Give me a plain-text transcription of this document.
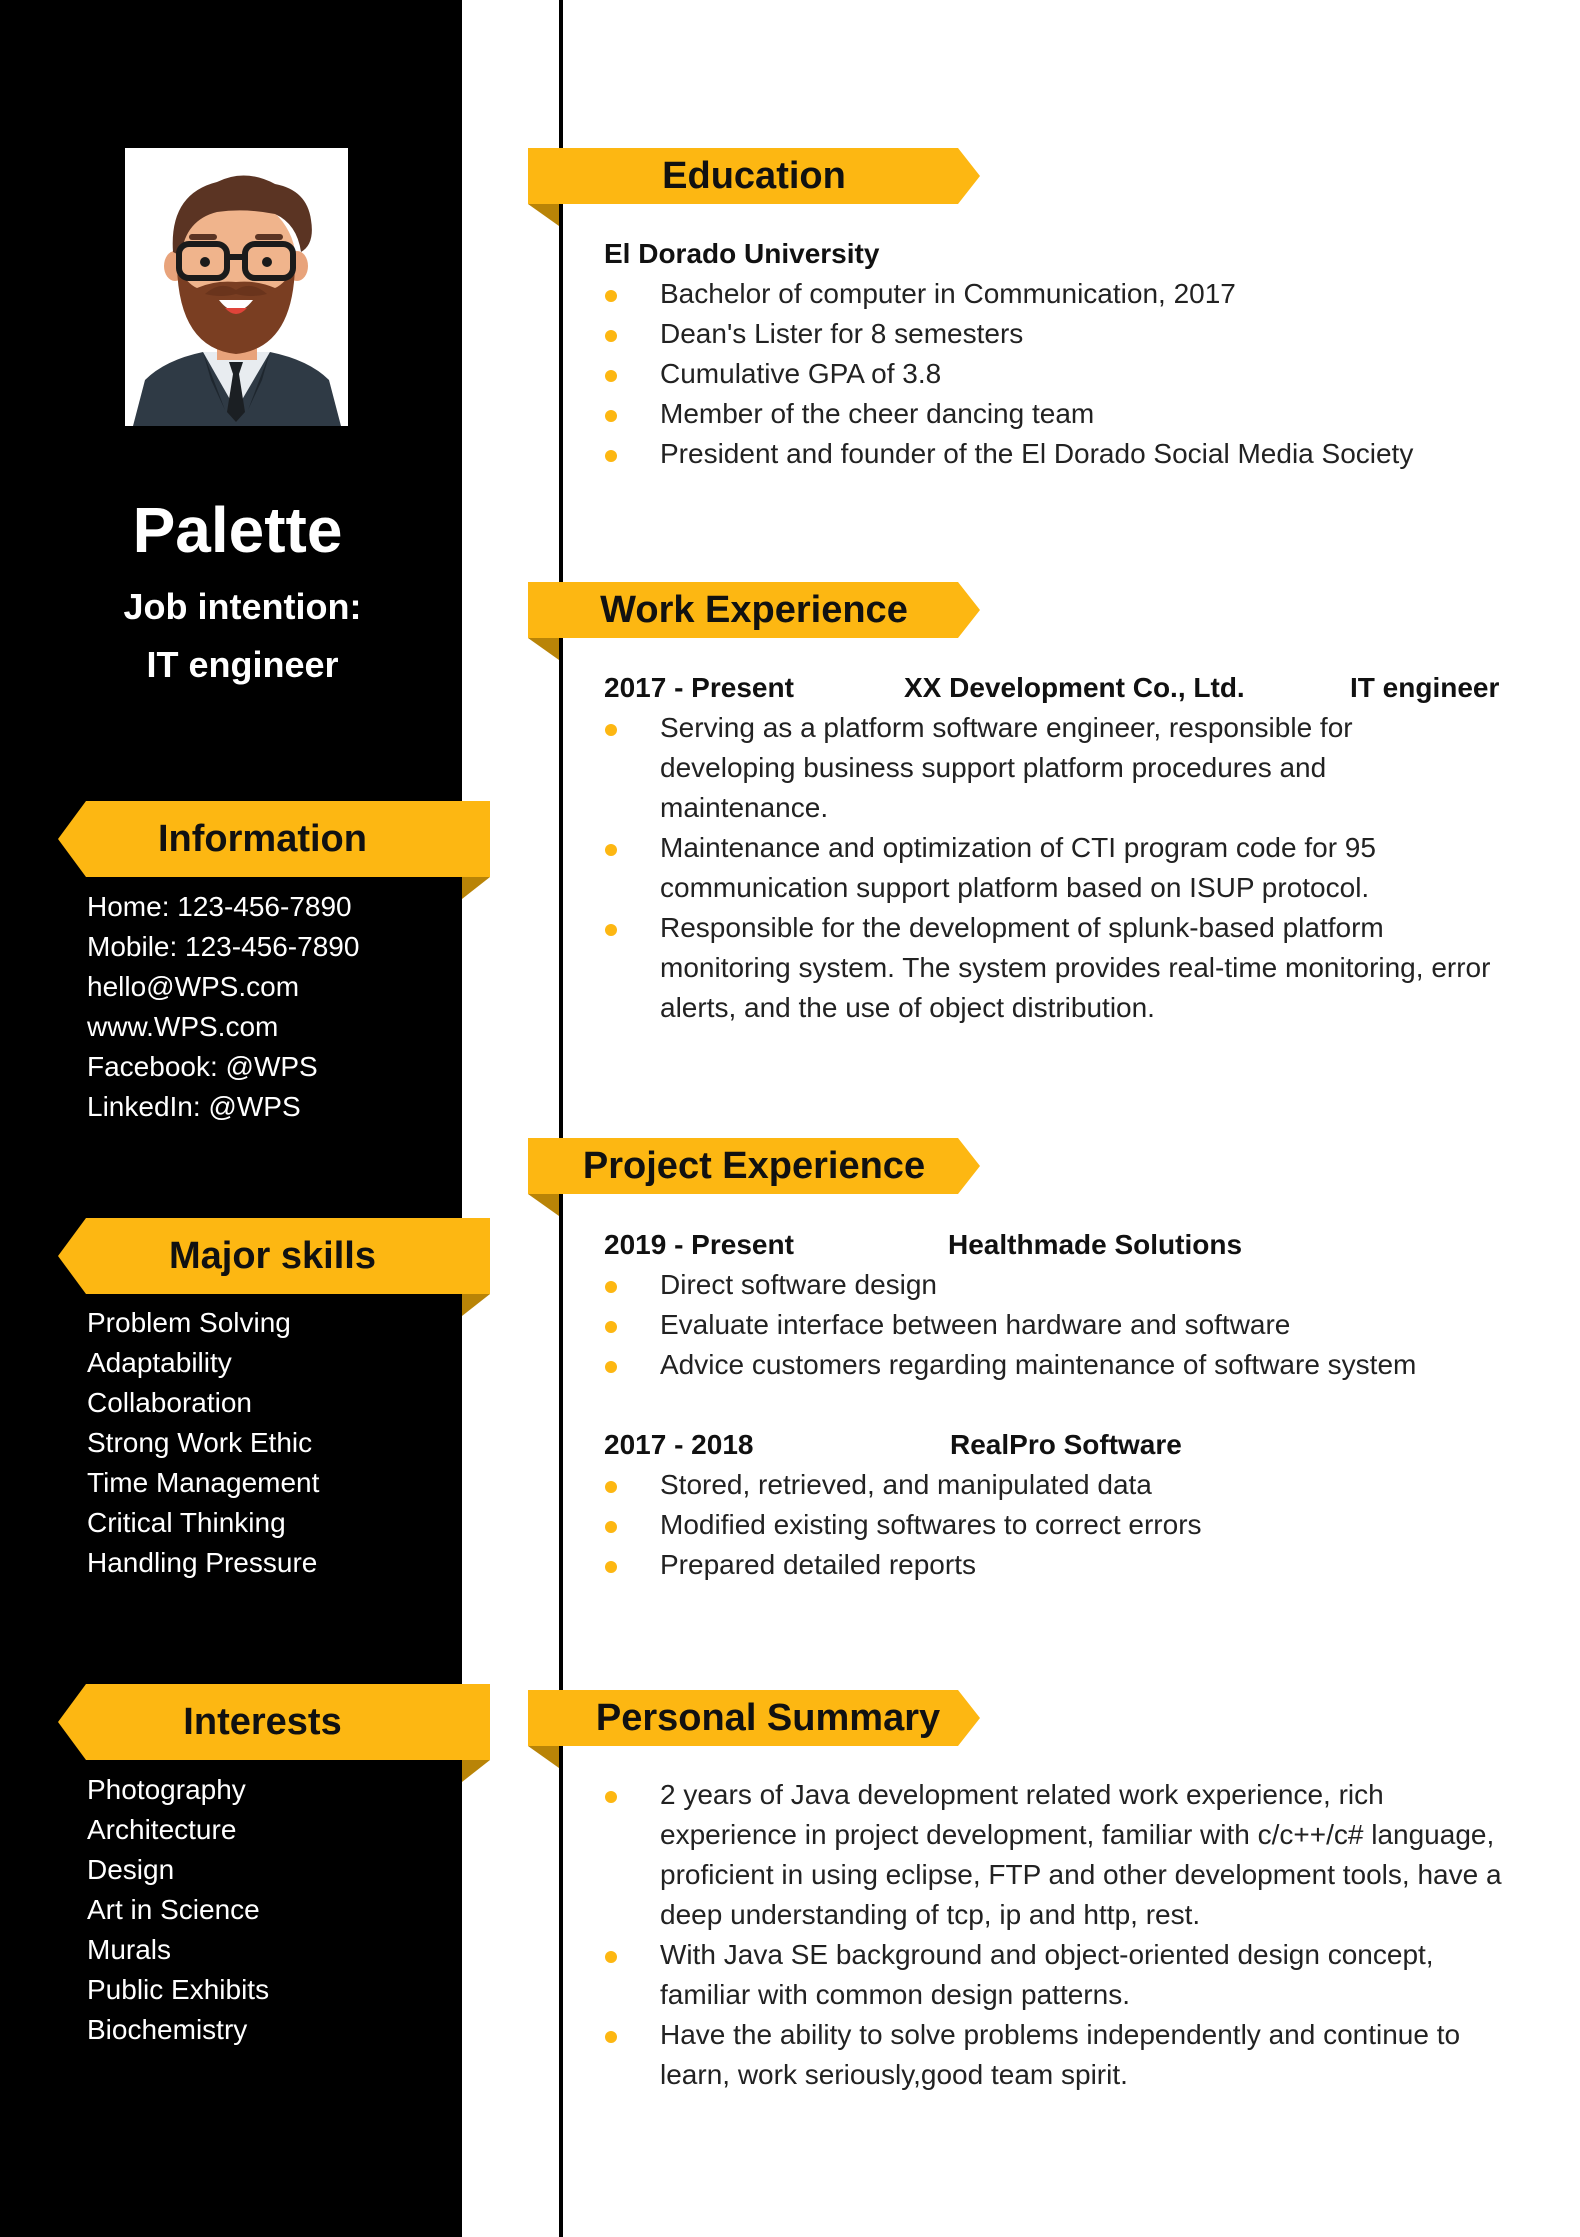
Palette
Job intention:
IT engineer
Information
Home: 123-456-7890
Mobile: 123-456-7890
hello@WPS.com
www.WPS.com
Facebook: @WPS
LinkedIn: @WPS
Major skills
Problem Solving
Adaptability
Collaboration
Strong Work Ethic
Time Management
Critical Thinking
Handling Pressure
Interests
Photography
Architecture
Design
Art in Science
Murals
Public Exhibits
Biochemistry
Education
El Dorado University
Bachelor of computer in Communication, 2017
Dean's Lister for 8 semesters
Cumulative GPA of 3.8
Member of the cheer dancing team
President and founder of the El Dorado Social Media Society
Work Experience
2017 - Present	XX Development Co., Ltd.	IT engineer
Serving as a platform software engineer, responsible for developing business support platform procedures and maintenance.
Maintenance and optimization of CTI program code for 95 communication support platform based on ISUP protocol.
Responsible for the development of splunk-based platform monitoring system. The system provides real-time monitoring, error alerts, and the use of object distribution.
Project Experience
2019 - Present	Healthmade Solutions
Direct software design
Evaluate interface between hardware and software
Advice customers regarding maintenance of software system
2017 - 2018	RealPro Software
Stored, retrieved, and manipulated data
Modified existing softwares to correct errors
Prepared detailed reports
Personal Summary
2 years of Java development related work experience, rich experience in project development, familiar with c/c++/c# language, proficient in using eclipse, FTP and other development tools, have a deep understanding of tcp, ip and http, rest.
With Java SE background and object-oriented design concept, familiar with common design patterns.
Have the ability to solve problems independently and continue to learn, work seriously,good team spirit.
